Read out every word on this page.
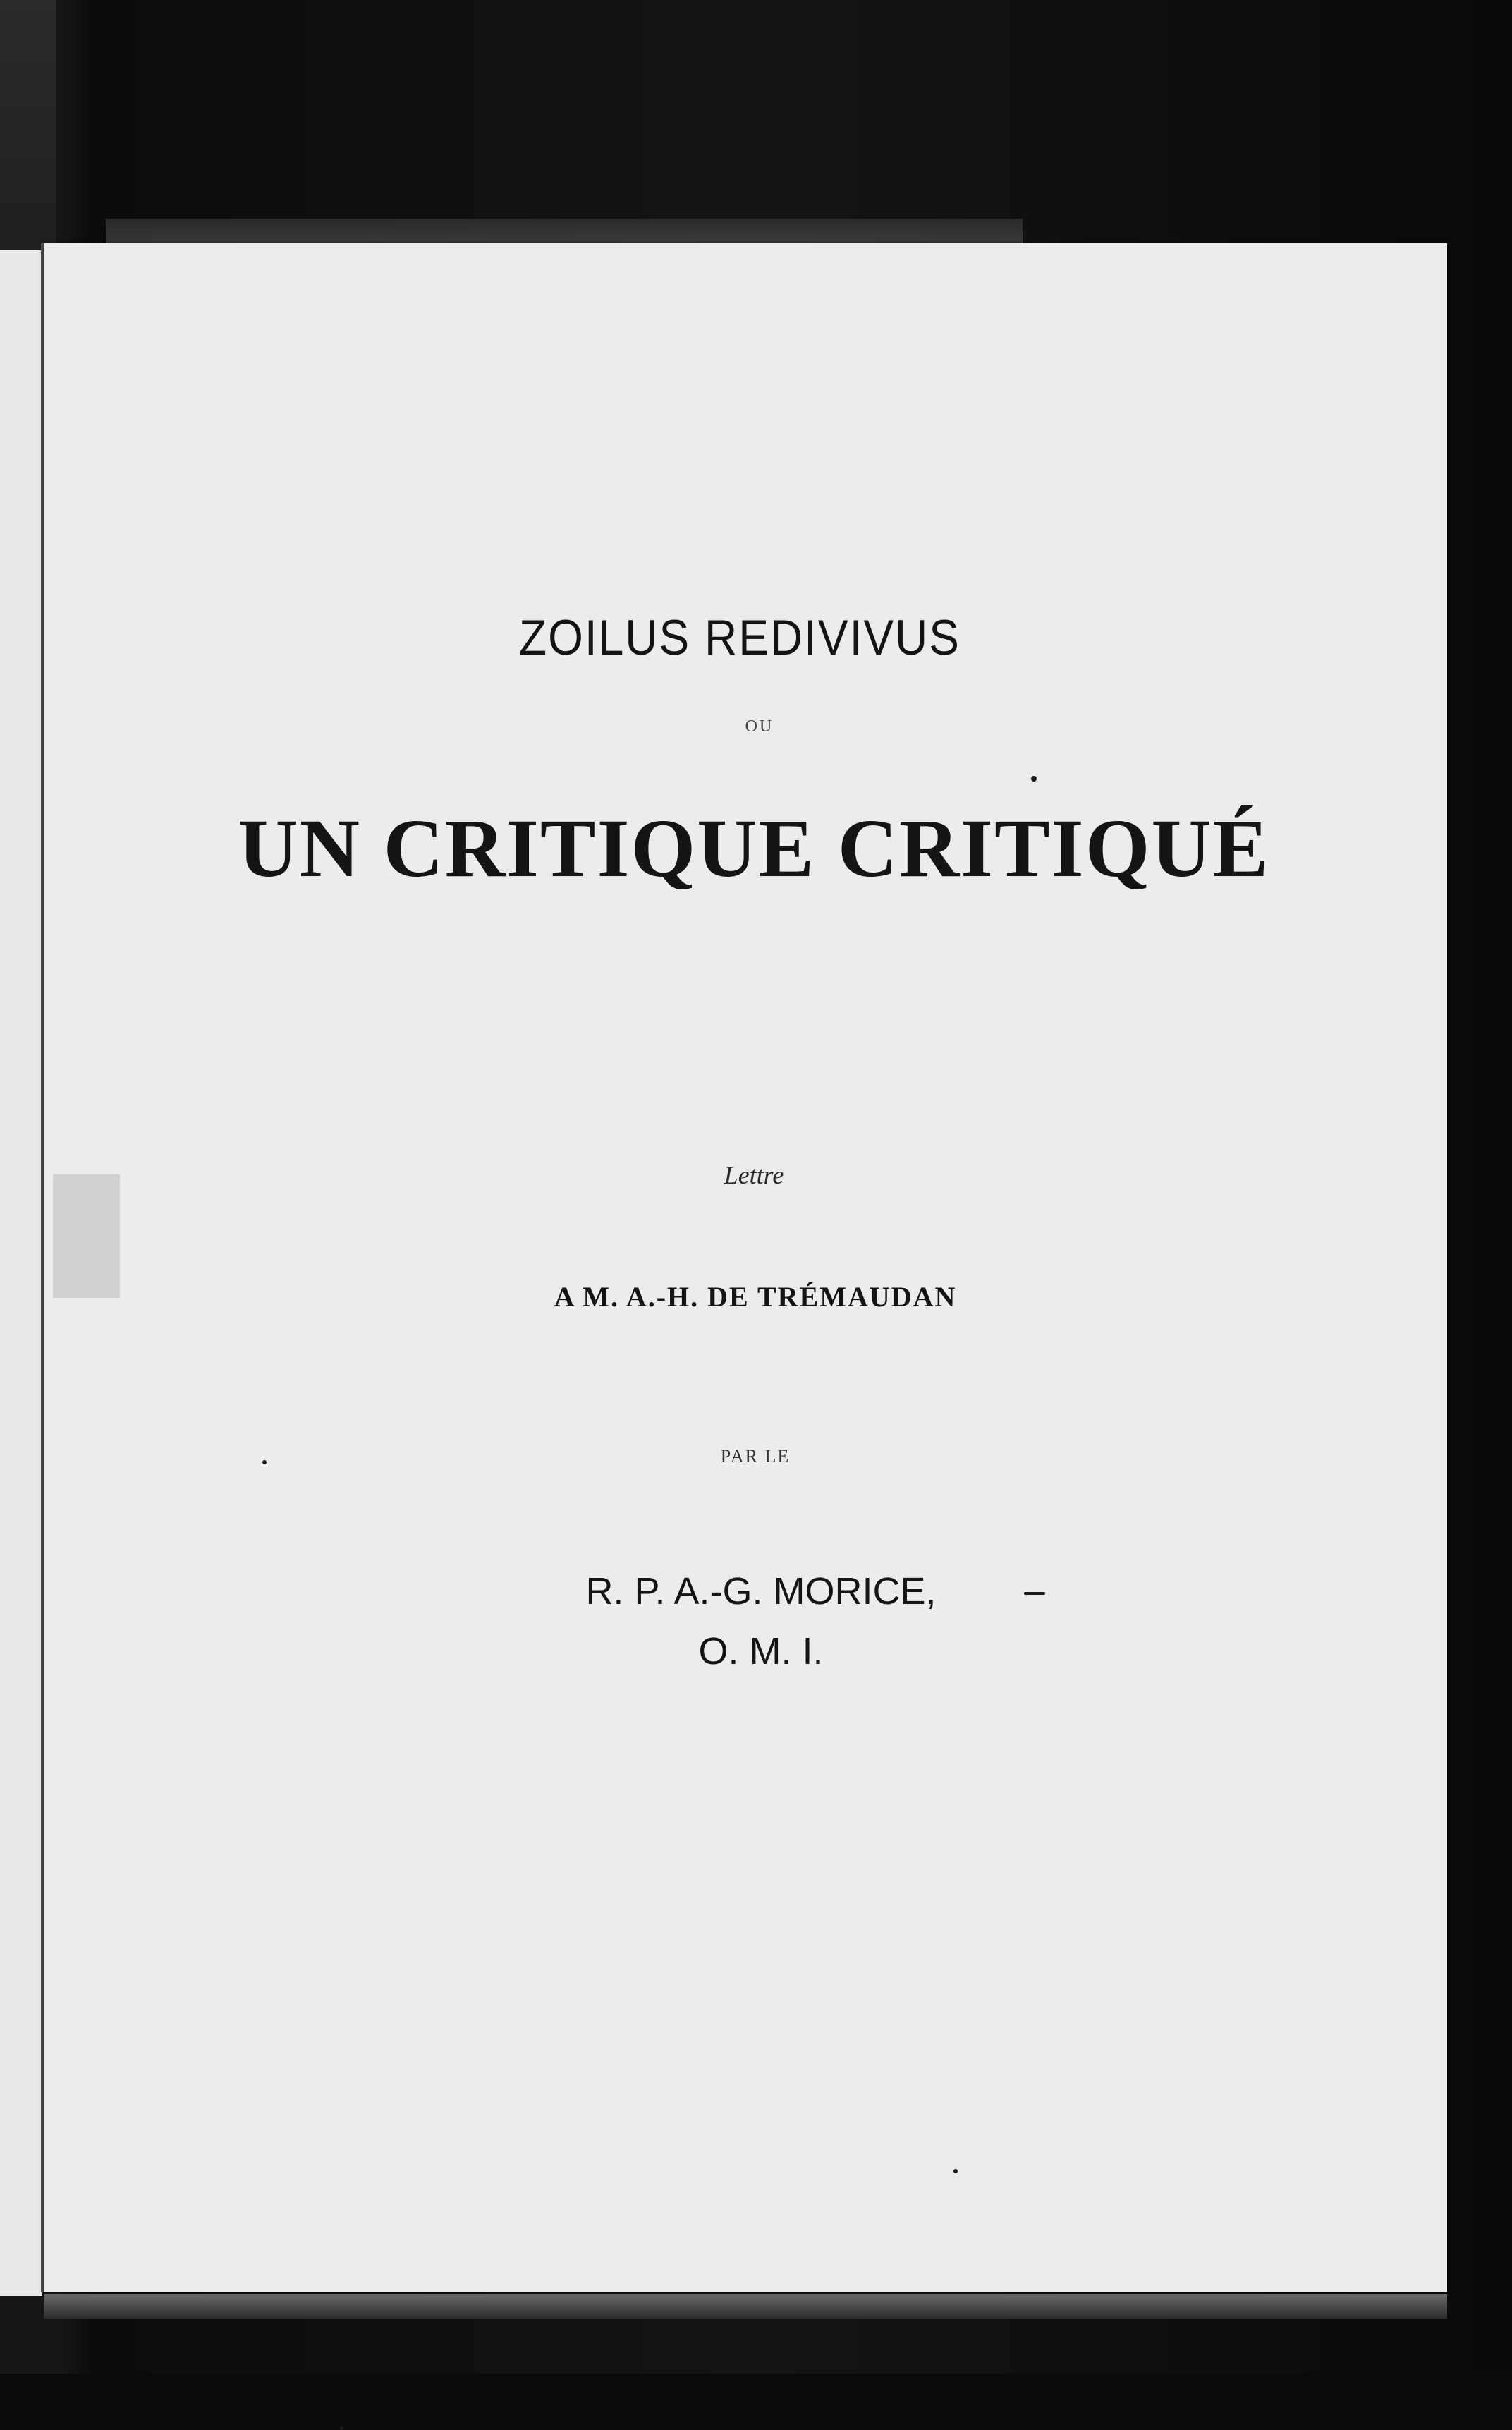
ZOILUS REDIVIVUS
OU
UN CRITIQUE CRITIQUÉ
Lettre
A M. A.-H. DE TRÉMAUDAN
PAR LE
R. P. A.-G. MORICE,
O. M. I.
